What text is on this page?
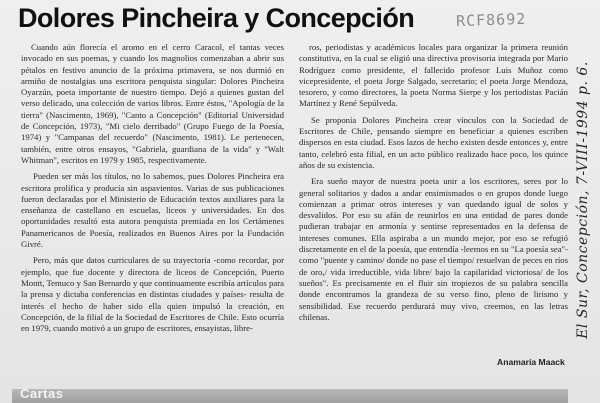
Dolores Pincheira y Concepción	RCF8692

Cuando aún florecía el aromo en el cerro Caracol, el tantas veces invocado en sus poemas, y cuando los magnolios comenzaban a abrir sus pétalos en festivo anuncio de la próxima primavera, se nos durmió en armiño de nostalgias una escritora penquista singular: Dolores Pincheira Oyarzún, poeta importante de nuestro tiempo. Dejó a quienes gustan del verso delicado, una colección de varios libros. Entre éstos, "Apología de la tierra" (Nascimento, 1969), "Canto a Concepción" (Editorial Universidad de Concepción, 1973), "Mi cielo derribado" (Grupo Fuego de la Poesía, 1974) y "Campanas del recuerdo" (Nascimento, 1981). Le pertenecen, también, entre otros ensayos, "Gabriela, guardiana de la vida" y "Walt Whitman", escritos en 1979 y 1985, respectivamente.

Pueden ser más los títulos, no lo sabemos, pues Dolores Pincheira era escritora prolífica y producía sin aspavientos. Varias de sus publicaciones fueron declaradas por el Ministerio de Educación textos auxiliares para la enseñanza de castellano en escuelas, liceos y universidades. En dos oportunidades resultó esta autora penquista premiada en los Certámenes Panamericanos de Poesía, realizados en Buenos Aires por la Fundación Givré.

Pero, más que datos curriculares de su trayectoria -como recordar, por ejemplo, que fue docente y directora de liceos de Concepción, Puerto Montt, Temuco y San Bernardo y que continuamente escribía artículos para la prensa y dictaba conferencias en distintas ciudades y países- resulta de interés el hecho de haber sido ella quien impulsó la creación, en Concepción, de la filial de la Sociedad de Escritores de Chile. Esto ocurría en 1979, cuando motivó a un grupo de escritores, ensayistas, libre-

ros, periodistas y académicos locales para organizar la primera reunión constitutiva, en la cual se eligió una directiva provisoria integrada por Mario Rodríguez como presidente, el fallecido profesor Luis Muñoz como vicepresidente, el poeta Jorge Salgado, secretario; el poeta Jorge Mendoza, tesorero, y como directores, la poeta Norma Sierpe y los periodistas Pacián Martínez y René Sepúlveda.

Se proponía Dolores Pincheira crear vínculos con la Sociedad de Escritores de Chile, pensando siempre en beneficiar a quienes escriben dispersos en esta ciudad. Esos lazos de hecho existen desde entonces y, entre tanto, celebró esta filial, en un acto público realizado hace poco, los quince años de su existencia.

Era sueño mayor de nuestra poeta unir a los escritores, seres por lo general solitarios y dados a andar ensimismados o en grupos donde luego comienzan a primar otros intereses y van quedando igual de solos y desvalidos. Por eso su afán de reunirlos en una entidad de pares donde pudieran trabajar en armonía y sentirse representados en la defensa de intereses comunes. Ella aspiraba a un mundo mejor, por eso se refugió discretamente en el de la poesía, que entendía -leemos en su "La poesía sea"- como "puente y camino/ donde no pase el tiempo/ resuelvan de peces en ríos de oro,/ vida irreductible, vida libre/ bajo la capilaridad victoriosa/ de los sueños". Es precisamente en el fluir sin tropiezos de su palabra sencilla donde encontramos la grandeza de su verso fino, pleno de lirismo y sensibilidad. Ese recuerdo perdurará muy vivo, creemos, en las letras chilenas.

Anamaría Maack
Cartas
El Sur, Concepción, 7-VIII-1994 p. 6.
